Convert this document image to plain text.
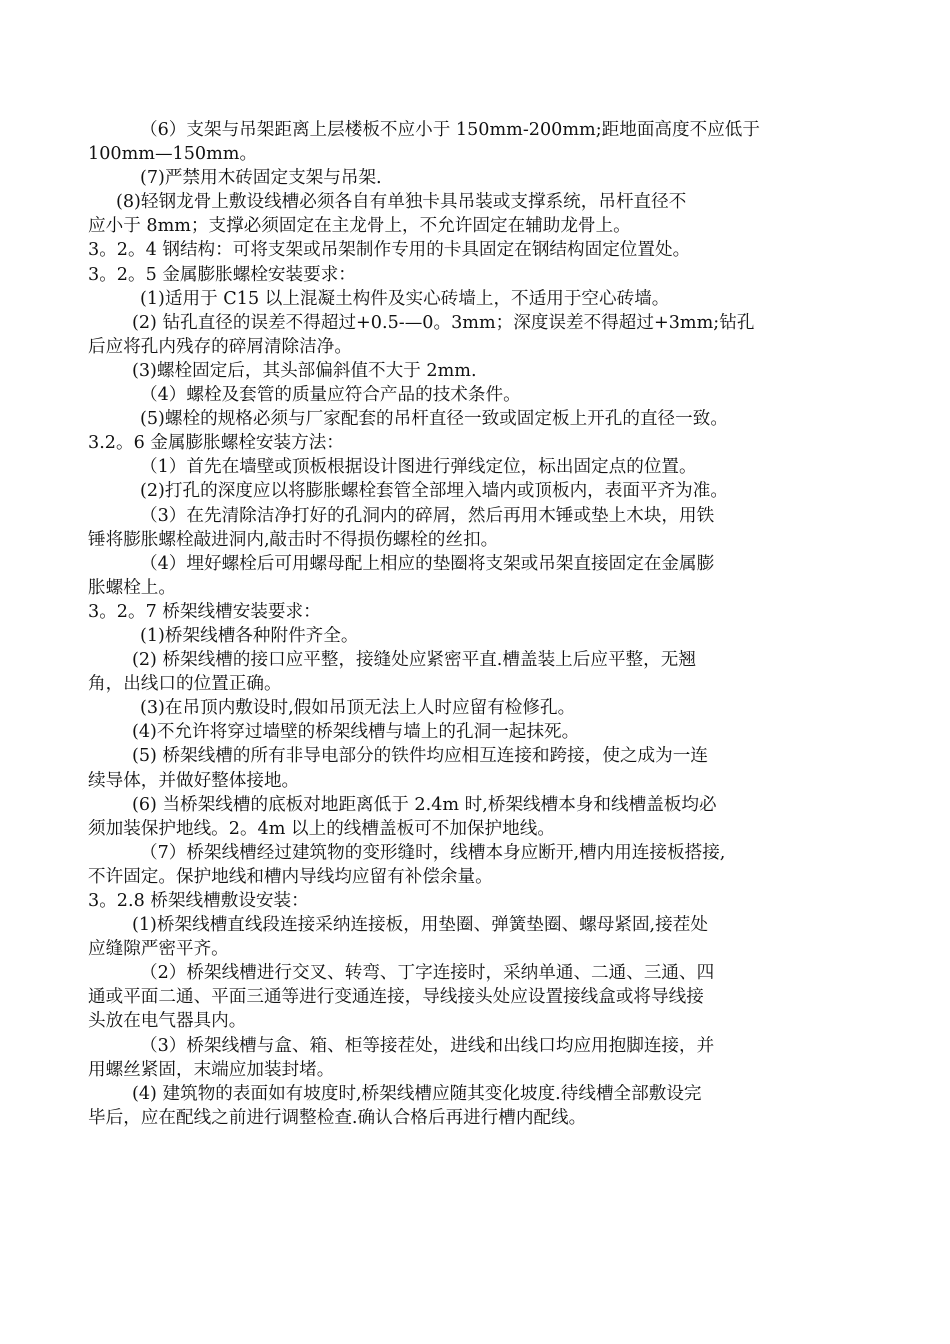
（6）支架与吊架距离上层楼板不应小于 150mm-200mm;距地面高度不应低于
100mm—150mm。
(7)严禁用木砖固定支架与吊架.
(8)轻钢龙骨上敷设线槽必须各自有单独卡具吊装或支撑系统，吊杆直径不
应小于 8mm；支撑必须固定在主龙骨上，不允许固定在辅助龙骨上。
3。2。4 钢结构：可将支架或吊架制作专用的卡具固定在钢结构固定位置处。
3。2。5 金属膨胀螺栓安装要求：
(1)适用于 C15 以上混凝土构件及实心砖墙上，不适用于空心砖墙。
(2) 钻孔直径的误差不得超过+0.5-—0。3mm；深度误差不得超过+3mm;钻孔
后应将孔内残存的碎屑清除洁净。
(3)螺栓固定后，其头部偏斜值不大于 2mm.
（4）螺栓及套管的质量应符合产品的技术条件。
(5)螺栓的规格必须与厂家配套的吊杆直径一致或固定板上开孔的直径一致。
3.2。6 金属膨胀螺栓安装方法：
（1）首先在墙壁或顶板根据设计图进行弹线定位，标出固定点的位置。
(2)打孔的深度应以将膨胀螺栓套管全部埋入墙内或顶板内，表面平齐为准。
（3）在先清除洁净打好的孔洞内的碎屑，然后再用木锤或垫上木块，用铁
锤将膨胀螺栓敲进洞内,敲击时不得损伤螺栓的丝扣。
（4）埋好螺栓后可用螺母配上相应的垫圈将支架或吊架直接固定在金属膨
胀螺栓上。
3。2。7 桥架线槽安装要求：
(1)桥架线槽各种附件齐全。
(2) 桥架线槽的接口应平整，接缝处应紧密平直.槽盖装上后应平整，无翘
角，出线口的位置正确。
(3)在吊顶内敷设时,假如吊顶无法上人时应留有检修孔。
(4)不允许将穿过墙壁的桥架线槽与墙上的孔洞一起抹死。
(5) 桥架线槽的所有非导电部分的铁件均应相互连接和跨接，使之成为一连
续导体，并做好整体接地。
(6) 当桥架线槽的底板对地距离低于 2.4m 时,桥架线槽本身和线槽盖板均必
须加装保护地线。2。4m 以上的线槽盖板可不加保护地线。
（7）桥架线槽经过建筑物的变形缝时，线槽本身应断开,槽内用连接板搭接,
不许固定。保护地线和槽内导线均应留有补偿余量。
3。2.8 桥架线槽敷设安装：
(1)桥架线槽直线段连接采纳连接板，用垫圈、弹簧垫圈、螺母紧固,接茬处
应缝隙严密平齐。
（2）桥架线槽进行交叉、转弯、丁字连接时，采纳单通、二通、三通、四
通或平面二通、平面三通等进行变通连接，导线接头处应设置接线盒或将导线接
头放在电气器具内。
（3）桥架线槽与盒、箱、柜等接茬处，进线和出线口均应用抱脚连接，并
用螺丝紧固，末端应加装封堵。
(4) 建筑物的表面如有坡度时,桥架线槽应随其变化坡度.待线槽全部敷设完
毕后，应在配线之前进行调整检查.确认合格后再进行槽内配线。
